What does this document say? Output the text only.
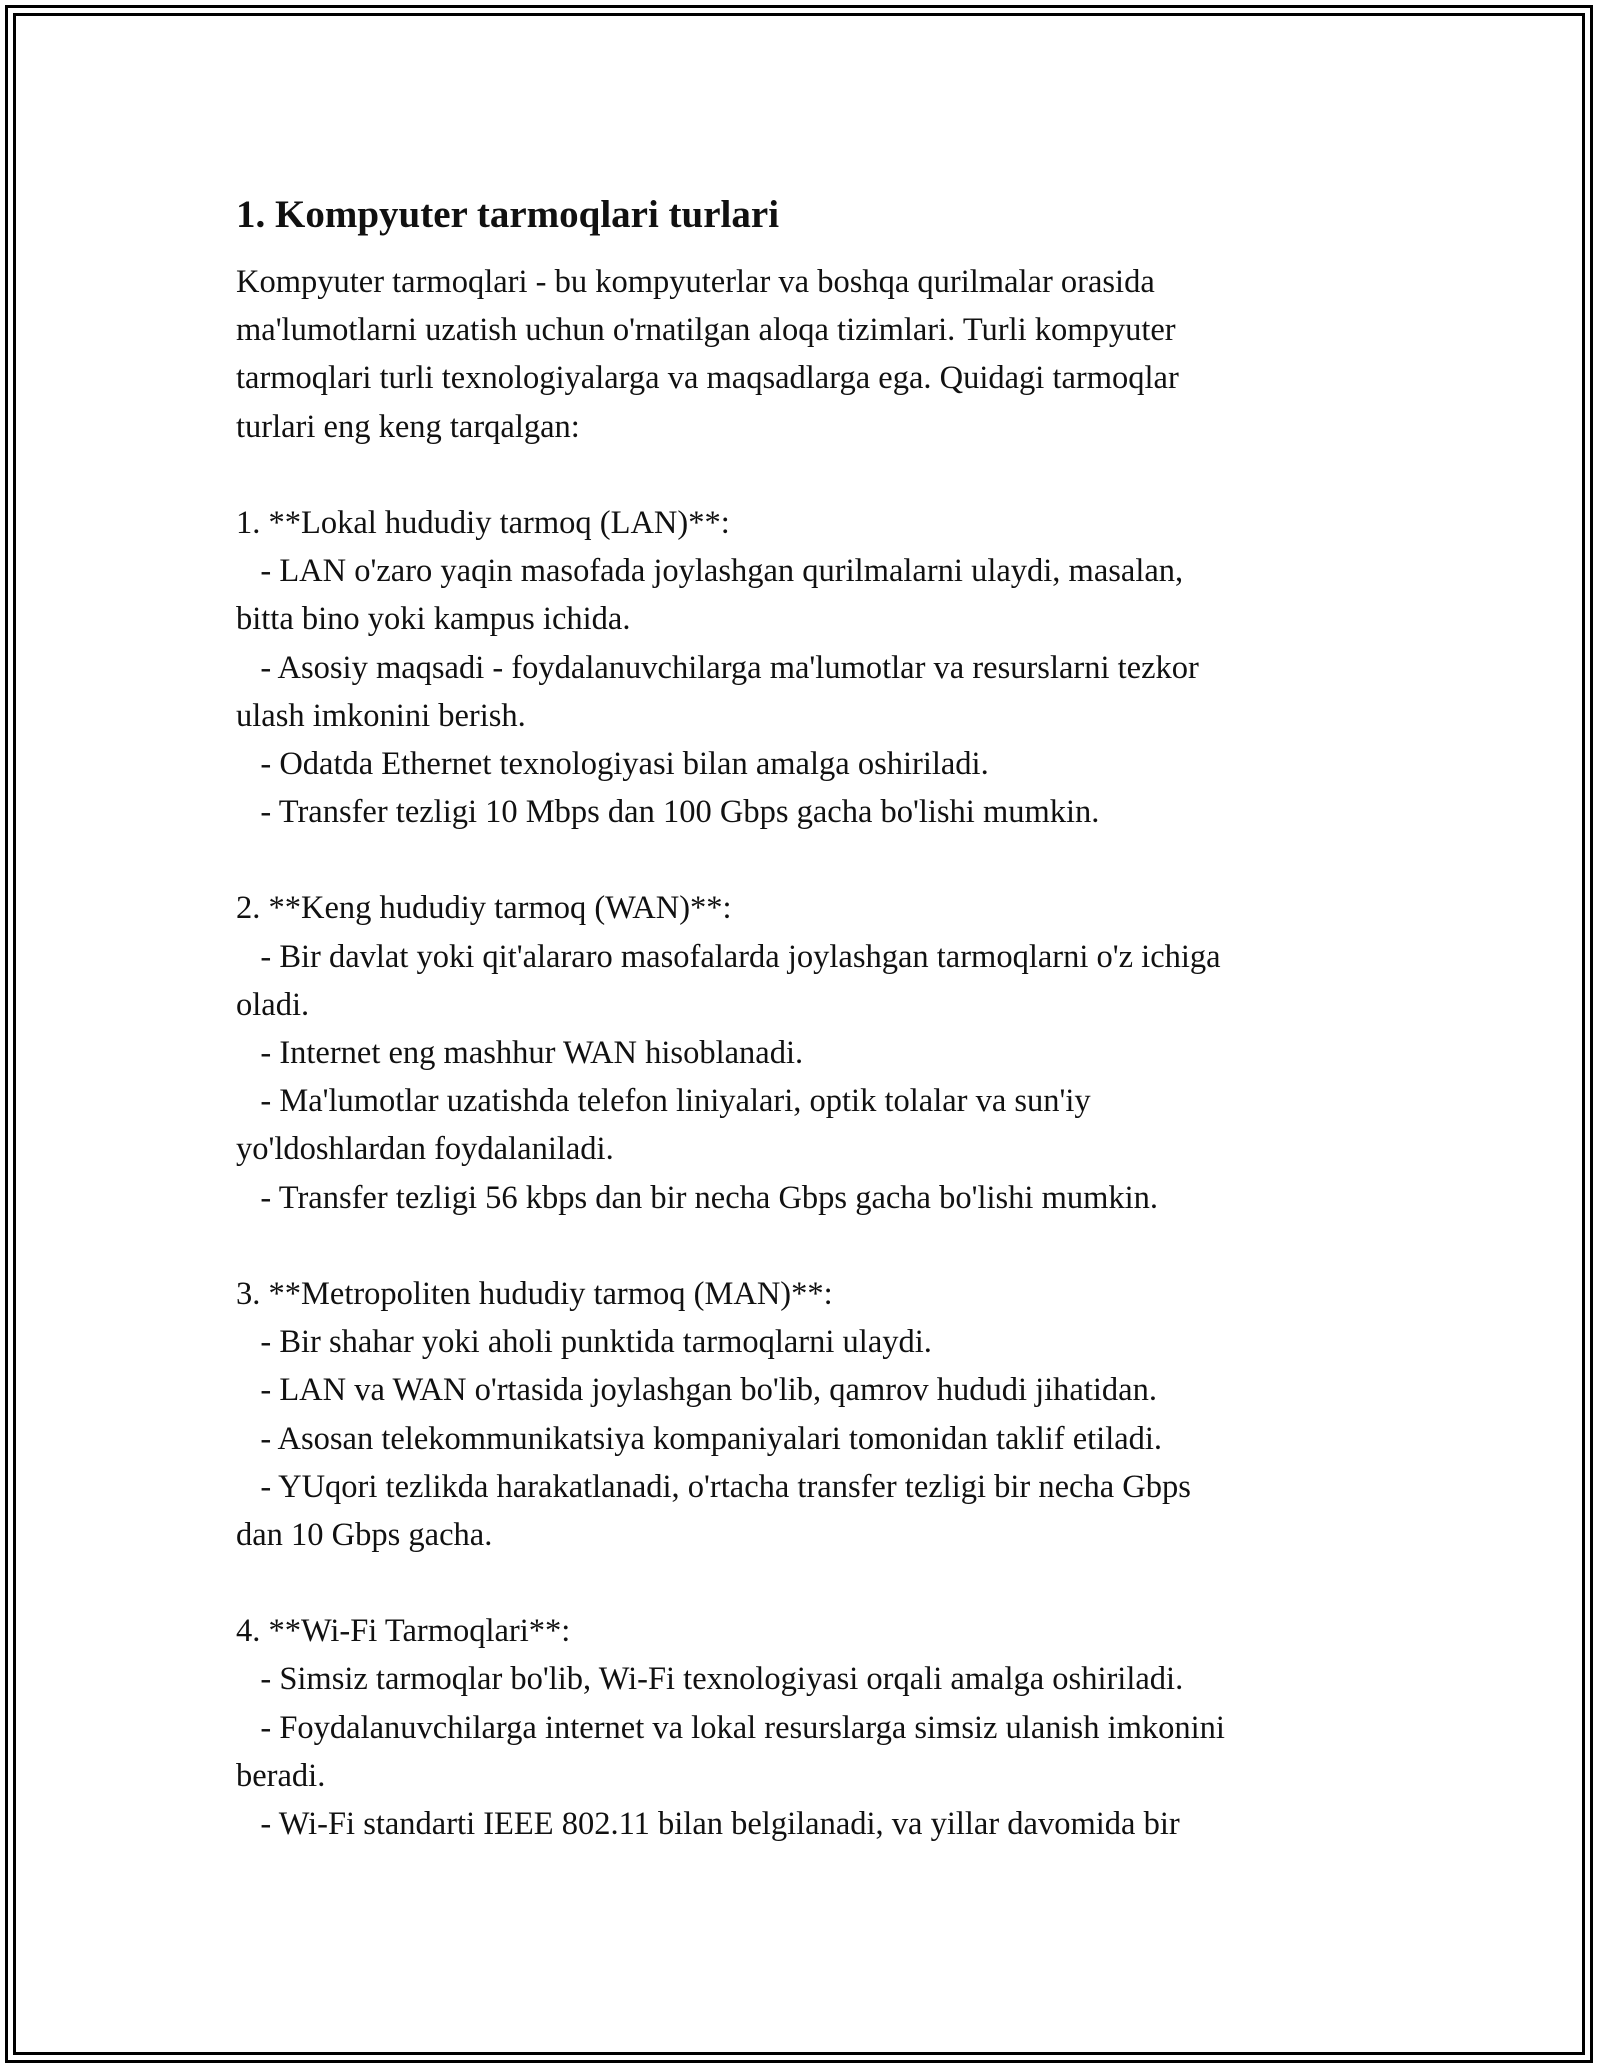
1. Kompyuter tarmoqlari turlari
Kompyuter tarmoqlari - bu kompyuterlar va boshqa qurilmalar orasida
ma'lumotlarni uzatish uchun o'rnatilgan aloqa tizimlari. Turli kompyuter
tarmoqlari turli texnologiyalarga va maqsadlarga ega. Quidagi tarmoqlar
turlari eng keng tarqalgan:
1. **Lokal hududiy tarmoq (LAN)**:
- LAN o'zaro yaqin masofada joylashgan qurilmalarni ulaydi, masalan,
bitta bino yoki kampus ichida.
- Asosiy maqsadi - foydalanuvchilarga ma'lumotlar va resurslarni tezkor
ulash imkonini berish.
- Odatda Ethernet texnologiyasi bilan amalga oshiriladi.
- Transfer tezligi 10 Mbps dan 100 Gbps gacha bo'lishi mumkin.
2. **Keng hududiy tarmoq (WAN)**:
- Bir davlat yoki qit'alararo masofalarda joylashgan tarmoqlarni o'z ichiga
oladi.
- Internet eng mashhur WAN hisoblanadi.
- Ma'lumotlar uzatishda telefon liniyalari, optik tolalar va sun'iy
yo'ldoshlardan foydalaniladi.
- Transfer tezligi 56 kbps dan bir necha Gbps gacha bo'lishi mumkin.
3. **Metropoliten hududiy tarmoq (MAN)**:
- Bir shahar yoki aholi punktida tarmoqlarni ulaydi.
- LAN va WAN o'rtasida joylashgan bo'lib, qamrov hududi jihatidan.
- Asosan telekommunikatsiya kompaniyalari tomonidan taklif etiladi.
- YUqori tezlikda harakatlanadi, o'rtacha transfer tezligi bir necha Gbps
dan 10 Gbps gacha.
4. **Wi-Fi Tarmoqlari**:
- Simsiz tarmoqlar bo'lib, Wi-Fi texnologiyasi orqali amalga oshiriladi.
- Foydalanuvchilarga internet va lokal resurslarga simsiz ulanish imkonini
beradi.
- Wi-Fi standarti IEEE 802.11 bilan belgilanadi, va yillar davomida bir
